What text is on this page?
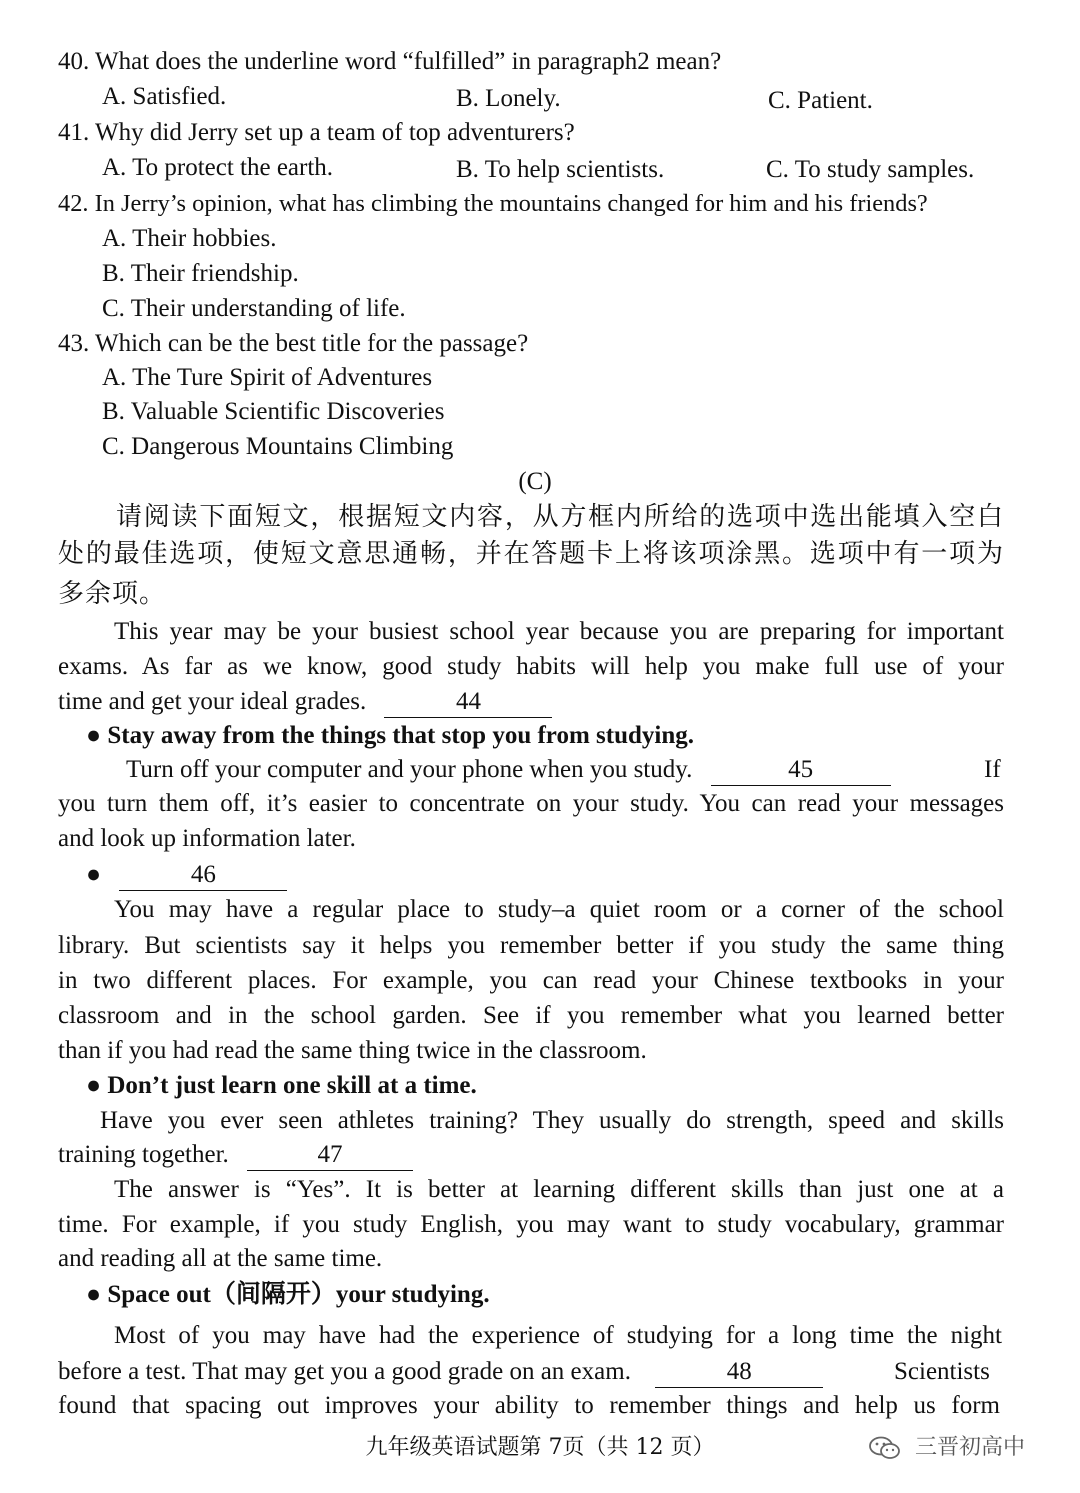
40. What does the underline word “fulfilled” in paragraph2 mean?
A. Satisfied.	B. Lonely.	C. Patient.
41. Why did Jerry set up a team of top adventurers?
A. To protect the earth.	B. To help scientists.	C. To study samples.
42. In Jerry’s opinion, what has climbing the mountains changed for him and his friends?
A. Their hobbies.
B. Their friendship.
C. Their understanding of life.
43. Which can be the best title for the passage?
A. The Ture Spirit of Adventures
B. Valuable Scientific Discoveries
C. Dangerous Mountains Climbing
(C)
请阅读下面短文，根据短文内容，从方框内所给的选项中选出能填入空白
处的最佳选项，使短文意思通畅，并在答题卡上将该项涂黑。选项中有一项为
多余项。
This year may be your busiest school year because you are preparing for important
exams. As far as we know, good study habits will help you make full use of your
time and get your ideal grades.	44
● Stay away from the things that stop you from studying.
Turn off your computer and your phone when you study.	45	If
you turn them off, it’s easier to concentrate on your study. You can read your messages
and look up information later.
●	46
You may have a regular place to study–a quiet room or a corner of the school
library. But scientists say it helps you remember better if you study the same thing
in two different places. For example, you can read your Chinese textbooks in your
classroom and in the school garden. See if you remember what you learned better
than if you had read the same thing twice in the classroom.
● Don’t just learn one skill at a time.
Have you ever seen athletes training? They usually do strength, speed and skills
training together.	47
The answer is “Yes”. It is better at learning different skills than just one at a
time. For example, if you study English, you may want to study vocabulary, grammar
and reading all at the same time.
● Space out（间隔开）your studying.
Most of you may have had the experience of studying for a long time the night
before a test. That may get you a good grade on an exam.	48	Scientists
found that spacing out improves your ability to remember things and help us form
九年级英语试题第 7页（共 12 页）	三晋初高中
